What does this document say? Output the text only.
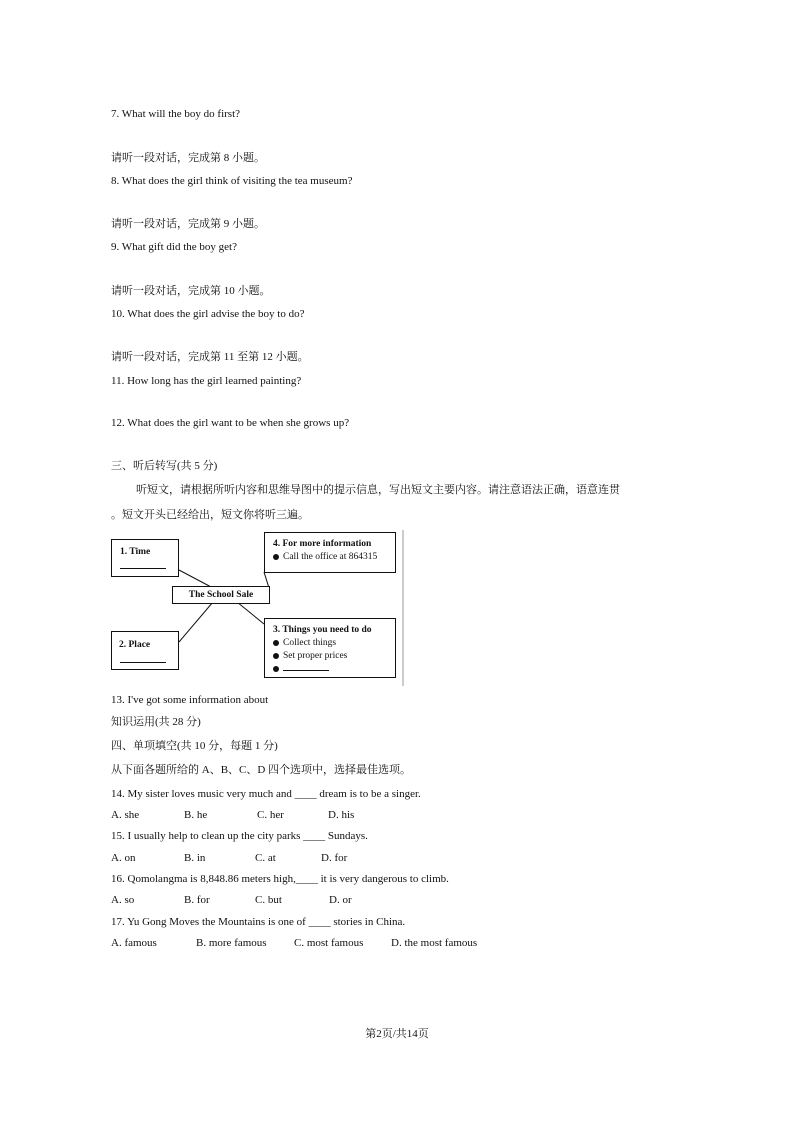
7. What will the boy do first?
请听一段对话，完成第 8 小题。
8. What does the girl think of visiting the tea museum?
请听一段对话，完成第 9 小题。
9. What gift did the boy get?
请听一段对话，完成第 10 小题。
10. What does the girl advise the boy to do?
请听一段对话，完成第 11 至第 12 小题。
11. How long has the girl learned painting?
12. What does the girl want to be when she grows up?
三、听后转写(共 5 分)
听短文，请根据所听内容和思维导图中的提示信息，写出短文主要内容。请注意语法正确，语意连贯
。短文开头已经给出，短文你将听三遍。
1. Time
2. Place
The School Sale
4. For more information
Call the office at 864315
3. Things you need to do
Collect things
Set proper prices
13. I've got some information about
知识运用(共 28 分)
四、单项填空(共 10 分，每题 1 分)
从下面各题所给的 A、B、C、D 四个选项中，选择最佳选项。
14. My sister loves music very much and ____ dream is to be a singer.
A. she	B. he	C. her	D. his
15. I usually help to clean up the city parks ____ Sundays.
A. on	B. in	C. at	D. for
16. Qomolangma is 8,848.86 meters high,____ it is very dangerous to climb.
A. so	B. for	C. but	D. or
17. Yu Gong Moves the Mountains is one of ____ stories in China.
A. famous	B. more famous C. most famous	D. the most famous
第2页/共14页
